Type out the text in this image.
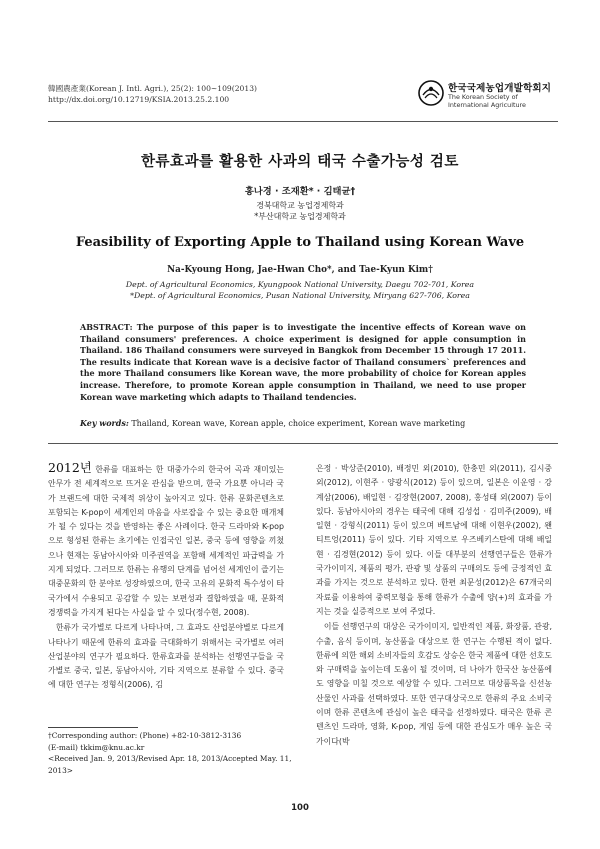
韓國農產業(Korean J. Intl. Agri.), 25(2): 100~109(2013)
http://dx.doi.org/10.12719/KSIA.2013.25.2.100
한국국제농업개발학회지
The Korean Society of International Agriculture
한류효과를 활용한 사과의 태국 수출가능성 검토
홍나경 · 조재환* · 김태균†
경북대학교 농업경제학과
*부산대학교 농업경제학과
Feasibility of Exporting Apple to Thailand using Korean Wave
Na-Kyoung Hong, Jae-Hwan Cho*, and Tae-Kyun Kim†
Dept. of Agricultural Economics, Kyungpook National University, Daegu 702-701, Korea
*Dept. of Agricultural Economics, Pusan National University, Miryang 627-706, Korea
ABSTRACT: The purpose of this paper is to investigate the incentive effects of Korean wave on Thailand consumers' preferences. A choice experiment is designed for apple consumption in Thailand. 186 Thailand consumers were surveyed in Bangkok from December 15 through 17 2011. The results indicate that Korean wave is a decisive factor of Thailand consumers` preferences and the more Thailand consumers like Korean wave, the more probability of choice for Korean apples increase. Therefore, to promote Korean apple consumption in Thailand, we need to use proper Korean wave marketing which adapts to Thailand tendencies.
Key words: Thailand, Korean wave, Korean apple, choice experiment, Korean wave marketing

2012년 한류를 대표하는 한 대중가수의 한국어 곡과 재미있는 안무가 전 세계적으로 뜨거운 관심을 받으며, 한국 가요뿐 아니라 국가 브랜드에 대한 국제적 위상이 높아지고 있다. 한류 문화콘텐츠로 포함되는 K-pop이 세계인의 마음을 사로잡을 수 있는 중요한 매개체가 될 수 있다는 것을 반영하는 좋은 사례이다. 한국 드라마와 K-pop으로 형성된 한류는 초기에는 인접국인 일본, 중국 등에 영향을 끼쳤으나 현재는 동남아시아와 미주권역을 포함해 세계적인 파급력을 가지게 되었다. 그러므로 한류는 유행의 단계를 넘어선 세계인이 즐기는 대중문화의 한 분야로 성장하였으며, 한국 고유의 문화적 특수성이 타국가에서 수용되고 공감할 수 있는 보편성과 결합하였을 때, 문화적 경쟁력을 가지게 된다는 사실을 알 수 있다(정수현, 2008).

한류가 국가별로 다르게 나타나며, 그 효과도 산업분야별로 다르게 나타나기 때문에 한류의 효과를 극대화하기 위해서는 국가별로 여러 산업분야의 연구가 필요하다. 한류효과를 분석하는 선행연구들을 국가별로 중국, 일본, 동남아시아, 기타 지역으로 분류할 수 있다. 중국에 대한 연구는 정형식(2006), 김

은정 · 박상준(2010), 배정민 외(2010), 한충민 외(2011), 김시중 외(2012), 이현주 · 양광식(2012) 등이 있으며, 일본은 이운영 · 강계삼(2006), 배일현 · 김장현(2007, 2008), 홍성태 외(2007) 등이 있다. 동남아시아의 경우는 태국에 대해 김성섭 · 김미주(2009), 배일현 · 강형식(2011) 등이 있으며 베트남에 대해 이현우(2002), 왠티트엉(2011) 등이 있다. 기타 지역으로 우즈베키스탄에 대해 배일현 · 김경현(2012) 등이 있다. 이들 대부분의 선행연구들은 한류가 국가이미지, 제품의 평가, 관광 및 상품의 구매의도 등에 긍정적인 효과를 가지는 것으로 분석하고 있다. 한편 최문성(2012)은 67개국의 자료를 이용하여 중력모형을 통해 한류가 수출에 양(+)의 효과를 가지는 것을 실증적으로 보여 주었다.

이들 선행연구의 대상은 국가이미지, 일반적인 제품, 화장품, 관광, 수출, 음식 등이며, 농산품을 대상으로 한 연구는 수행된 적이 없다. 한류에 의한 해외 소비자들의 호감도 상승은 한국 제품에 대한 선호도와 구매력을 높이는데 도움이 될 것이며, 더 나아가 한국산 농산품에도 영향을 미칠 것으로 예상할 수 있다. 그러므로 대상품목을 신선농산물인 사과를 선택하였다. 또한 연구대상국으로 한류의 주요 소비국이며 한류 콘텐츠에 관심이 높은 태국을 선정하였다. 태국은 한류 콘텐츠인 드라마, 영화, K-pop, 게임 등에 대한 관심도가 매우 높은 국가이다(박

†Corresponding author: (Phone) +82-10-3812-3136
(E-mail) tkkim@knu.ac.kr
<Received Jan. 9, 2013/Revised Apr. 18, 2013/Accepted May. 11, 2013>
100
